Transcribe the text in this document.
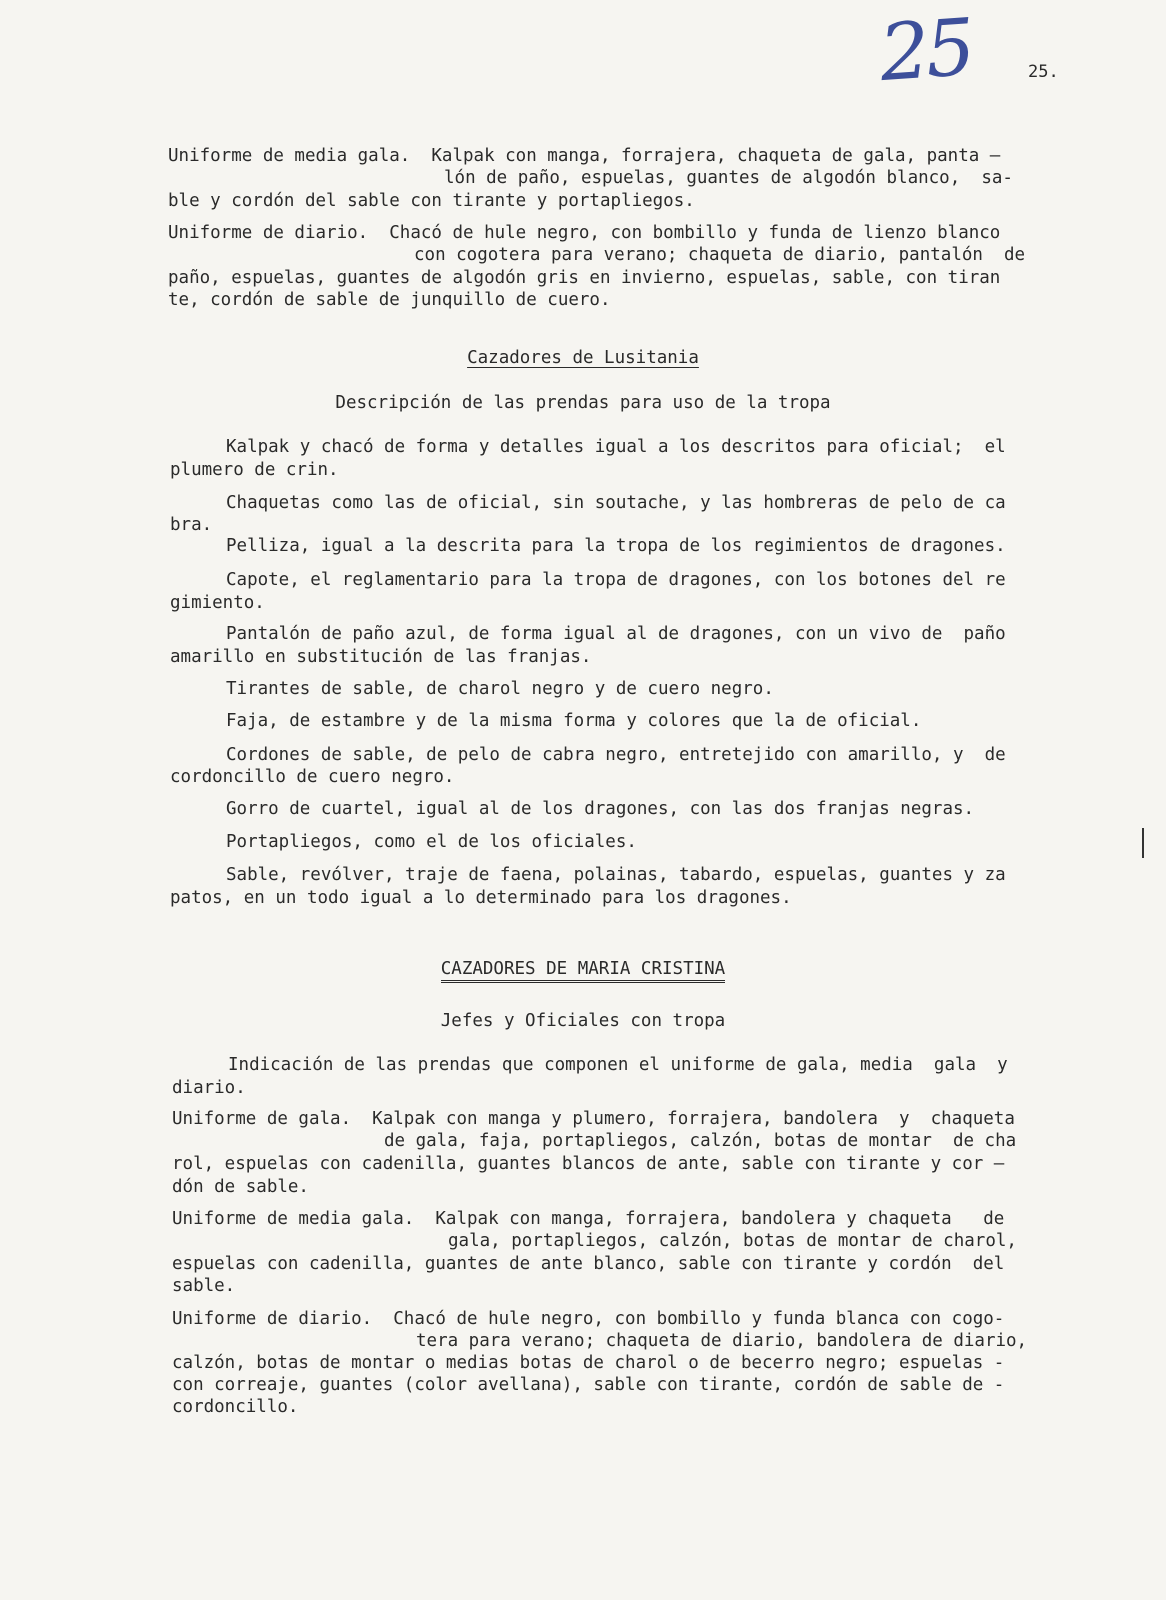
25	25.
Uniforme de media gala.  Kalpak con manga, forrajera, chaqueta de gala, panta —
lón de paño, espuelas, guantes de algodón blanco,  sa-
ble y cordón del sable con tirante y portapliegos.
Uniforme de diario.  Chacó de hule negro, con bombillo y funda de lienzo blanco
con cogotera para verano; chaqueta de diario, pantalón  de
paño, espuelas, guantes de algodón gris en invierno, espuelas, sable, con tiran
te, cordón de sable de junquillo de cuero.
Cazadores de Lusitania
Descripción de las prendas para uso de la tropa
Kalpak y chacó de forma y detalles igual a los descritos para oficial;  el
plumero de crin.
Chaquetas como las de oficial, sin soutache, y las hombreras de pelo de ca
bra.
Pelliza, igual a la descrita para la tropa de los regimientos de dragones.
Capote, el reglamentario para la tropa de dragones, con los botones del re
gimiento.
Pantalón de paño azul, de forma igual al de dragones, con un vivo de  paño
amarillo en substitución de las franjas.
Tirantes de sable, de charol negro y de cuero negro.
Faja, de estambre y de la misma forma y colores que la de oficial.
Cordones de sable, de pelo de cabra negro, entretejido con amarillo, y  de
cordoncillo de cuero negro.
Gorro de cuartel, igual al de los dragones, con las dos franjas negras.
Portapliegos, como el de los oficiales.
Sable, revólver, traje de faena, polainas, tabardo, espuelas, guantes y za
patos, en un todo igual a lo determinado para los dragones.
CAZADORES DE MARIA CRISTINA
Jefes y Oficiales con tropa
Indicación de las prendas que componen el uniforme de gala, media  gala  y
diario.
Uniforme de gala.  Kalpak con manga y plumero, forrajera, bandolera  y  chaqueta
de gala, faja, portapliegos, calzón, botas de montar  de cha
rol, espuelas con cadenilla, guantes blancos de ante, sable con tirante y cor —
dón de sable.
Uniforme de media gala.  Kalpak con manga, forrajera, bandolera y chaqueta   de
gala, portapliegos, calzón, botas de montar de charol,
espuelas con cadenilla, guantes de ante blanco, sable con tirante y cordón  del
sable.
Uniforme de diario.  Chacó de hule negro, con bombillo y funda blanca con cogo-
tera para verano; chaqueta de diario, bandolera de diario,
calzón, botas de montar o medias botas de charol o de becerro negro; espuelas -
con correaje, guantes (color avellana), sable con tirante, cordón de sable de -
cordoncillo.
